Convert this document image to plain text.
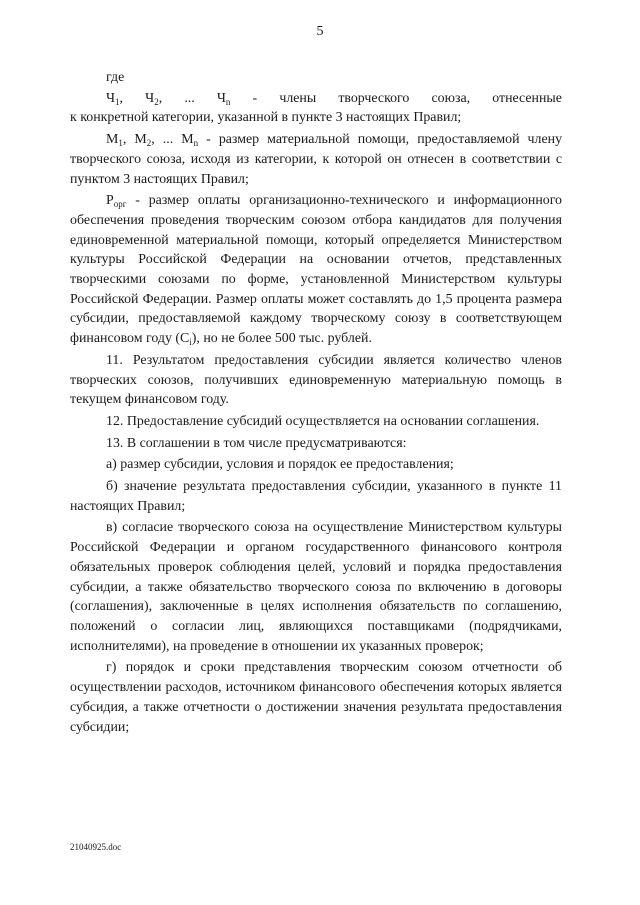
5

где

$Ч_1$, $Ч_2$, ... $Ч_n$ - члены творческого союза, отнесенные

к конкретной категории, указанной в пункте 3 настоящих Правил;

$М_1$, $М_2$, ... $М_n$ - размер материальной помощи, предоставляемой члену творческого союза, исходя из категории, к которой он отнесен в соответствии с пунктом 3 настоящих Правил;

$Р_{орг}$ - размер оплаты организационно-технического и информационного обеспечения проведения творческим союзом отбора кандидатов для получения единовременной материальной помощи, который определяется Министерством культуры Российской Федерации на основании отчетов, представленных творческими союзами по форме, установленной Министерством культуры Российской Федерации. Размер оплаты может составлять до 1,5 процента размера субсидии, предоставляемой каждому творческому союзу в соответствующем финансовом году $(С_i)$, но не более 500 тыс. рублей.

11. Результатом предоставления субсидии является количество членов творческих союзов, получивших единовременную материальную помощь в текущем финансовом году.

12. Предоставление субсидий осуществляется на основании соглашения.

13. В соглашении в том числе предусматриваются:

а) размер субсидии, условия и порядок ее предоставления;

б) значение результата предоставления субсидии, указанного в пункте 11 настоящих Правил;

в) согласие творческого союза на осуществление Министерством культуры Российской Федерации и органом государственного финансового контроля обязательных проверок соблюдения целей, условий и порядка предоставления субсидии, а также обязательство творческого союза по включению в договоры (соглашения), заключенные в целях исполнения обязательств по соглашению, положений о согласии лиц, являющихся поставщиками (подрядчиками, исполнителями), на проведение в отношении их указанных проверок;

г) порядок и сроки представления творческим союзом отчетности об осуществлении расходов, источником финансового обеспечения которых является субсидия, а также отчетности о достижении значения результата предоставления субсидии;

21040925.doc
